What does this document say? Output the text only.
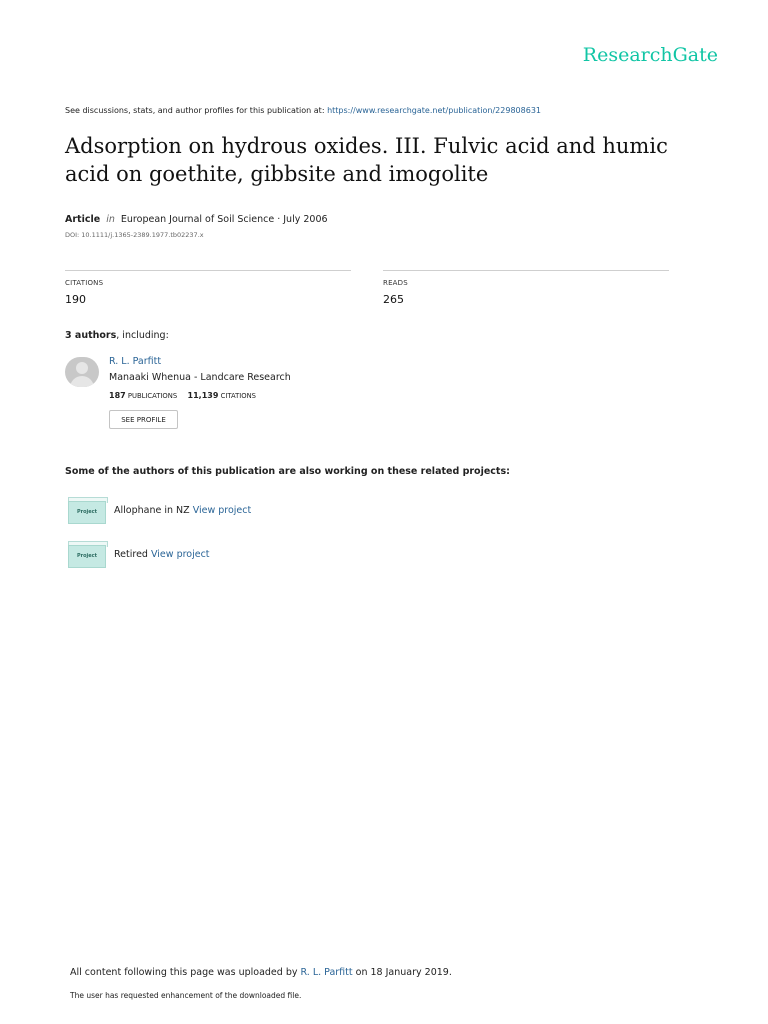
ResearchGate
See discussions, stats, and author profiles for this publication at: https://www.researchgate.net/publication/229808631
Adsorption on hydrous oxides. III. Fulvic acid and humic acid on goethite, gibbsite and imogolite
Article in European Journal of Soil Science · July 2006
DOI: 10.1111/j.1365-2389.1977.tb02237.x
CITATIONS
190
READS
265
3 authors, including:
R. L. Parfitt
Manaaki Whenua - Landcare Research
187 PUBLICATIONS 11,139 CITATIONS
SEE PROFILE
Some of the authors of this publication are also working on these related projects:
Project	Allophane in NZ View project
Project	Retired View project
All content following this page was uploaded by R. L. Parfitt on 18 January 2019.
The user has requested enhancement of the downloaded file.
